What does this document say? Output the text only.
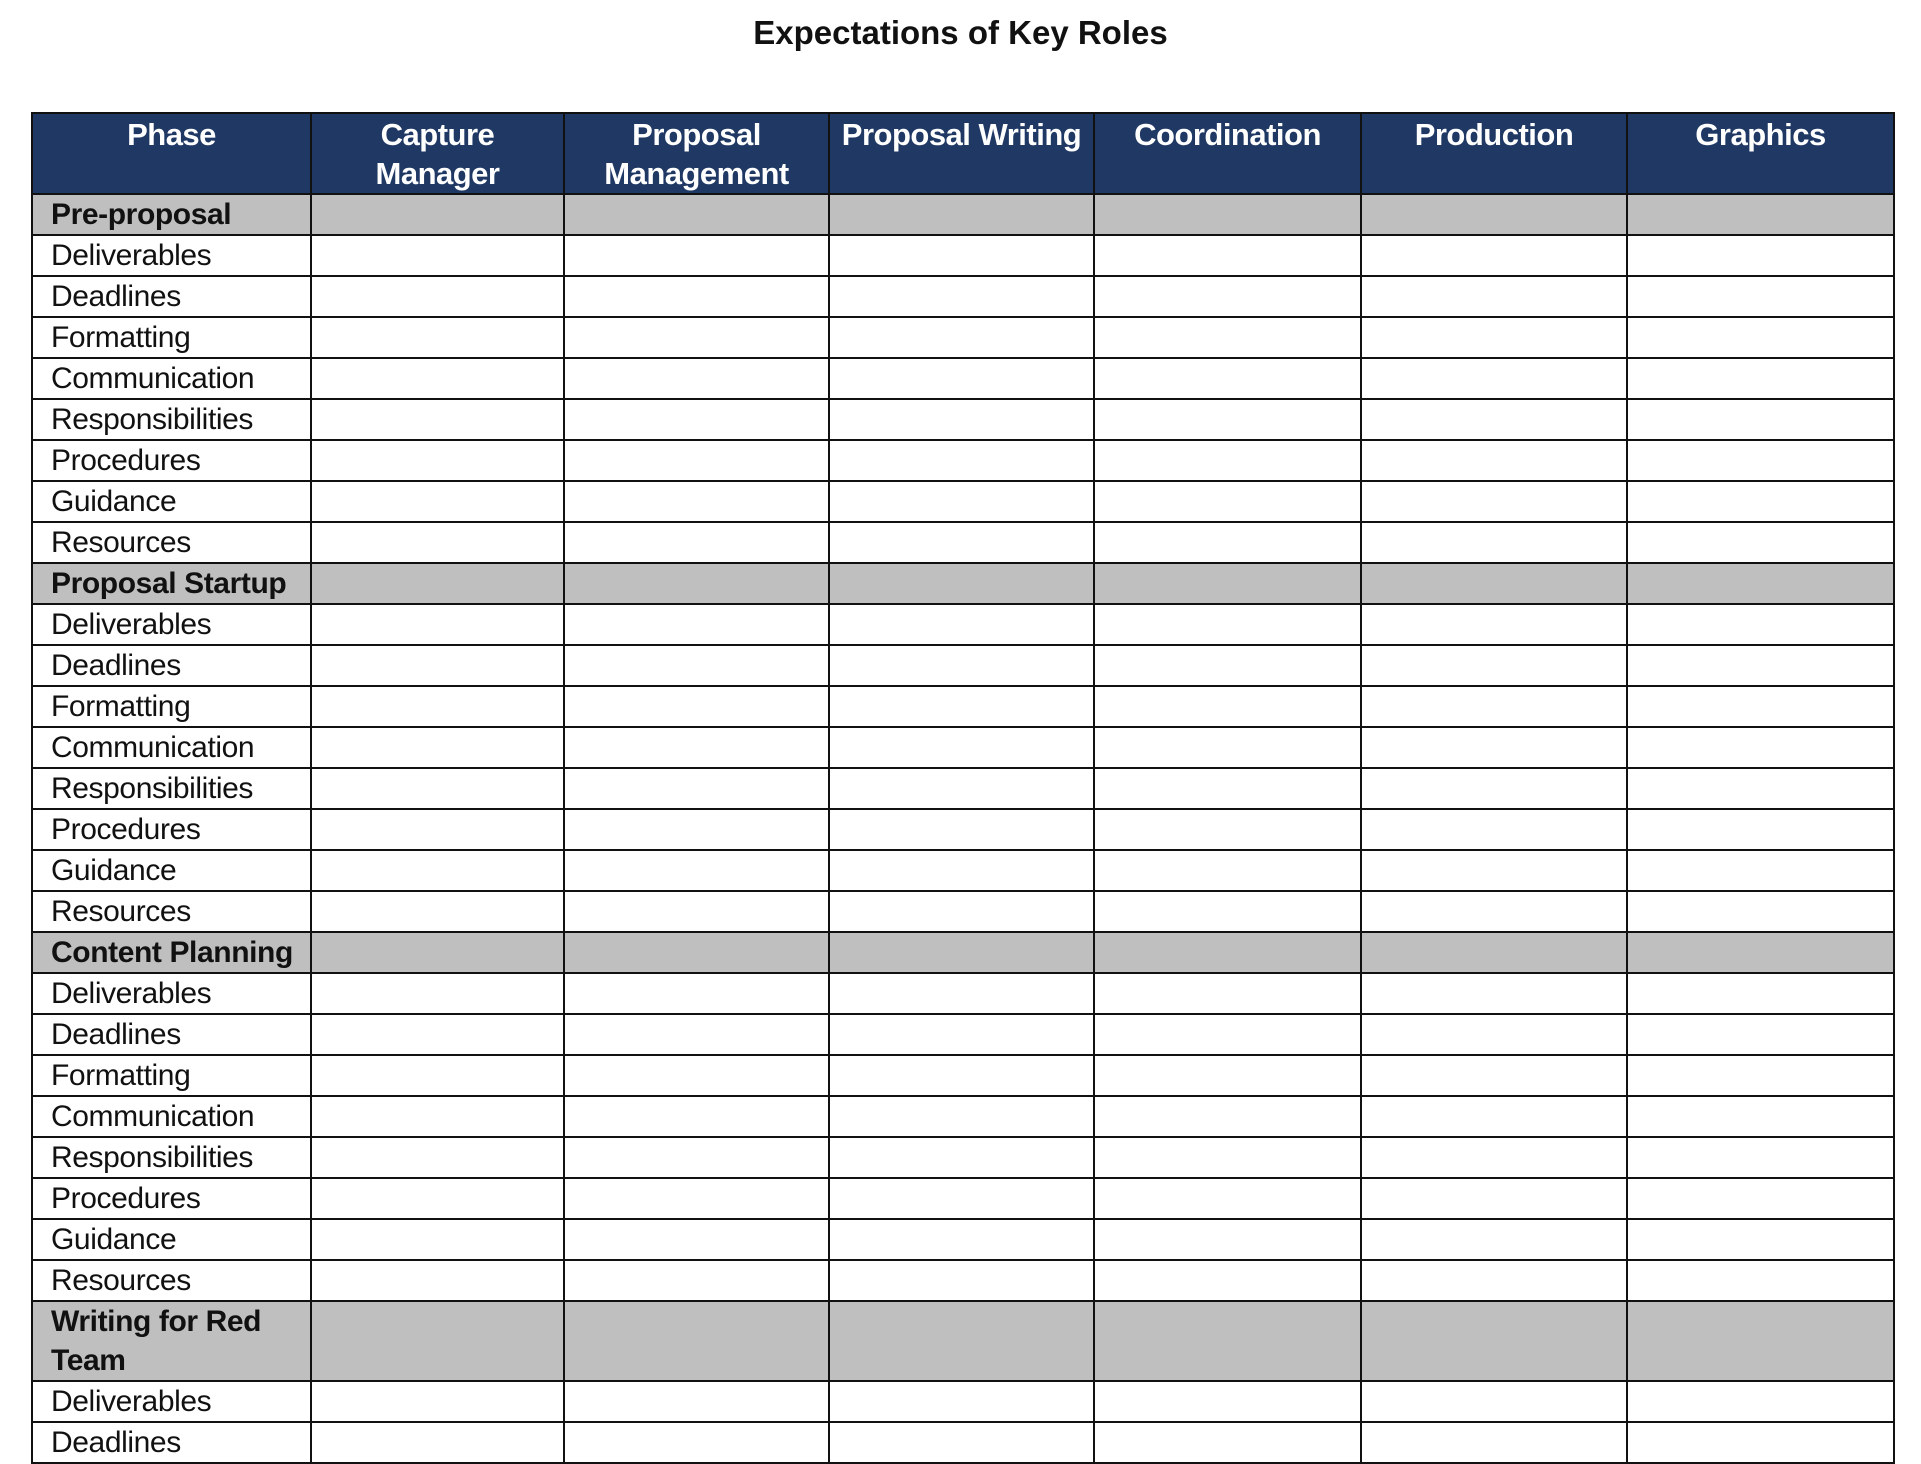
Expectations of Key Roles
Phase	Capture Manager	Proposal Management	Proposal Writing	Coordination	Production	Graphics
Pre-proposal						
Deliverables						
Deadlines						
Formatting						
Communication						
Responsibilities						
Procedures						
Guidance						
Resources						
Proposal Startup						
Deliverables						
Deadlines						
Formatting						
Communication						
Responsibilities						
Procedures						
Guidance						
Resources						
Content Planning						
Deliverables						
Deadlines						
Formatting						
Communication						
Responsibilities						
Procedures						
Guidance						
Resources						
Writing for Red Team						
Deliverables						
Deadlines						
